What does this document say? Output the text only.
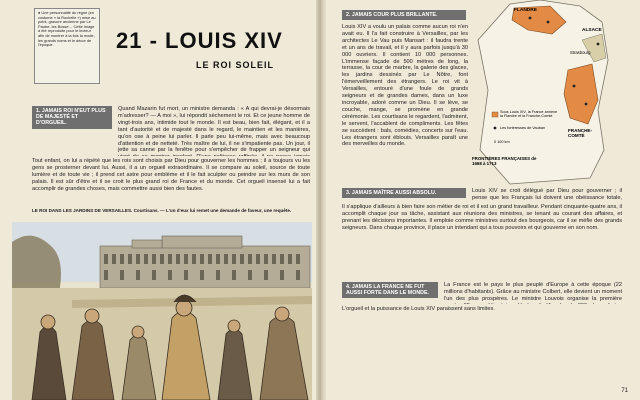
● Une personnalité du règne (en costume « la Rochelle ») mise au point, gravure ancienne par Le Pautre, les Bosse… Cette image a été reproduite pour le lecteur afin de montrer à la fois la mode, les grands noms et le décor de l'époque.	21 - LOUIS XIV
LE ROI SOLEIL
1. JAMAIS ROI N'EUT PLUS DE MAJESTÉ ET D'ORGUEIL.

Quand Mazarin fut mort, un ministre demanda : « A qui devrai-je désormais m'adresser? — A moi », lui répondit sèchement le roi. Et ce jeune homme de vingt-trois ans, intimide tout le monde. Il est beau, bien fait, élégant, et il a tant d'autorité et de majesté dans le regard, le maintien et les manières, qu'on ose à peine lui parler. Il parle peu lui-même, mais avec beaucoup d'attention et de netteté. Très maître de lui, il ne s'impatiente pas. Un jour, il jette sa canne par la fenêtre pour s'empêcher de frapper un seigneur qui

Tout enfant, on lui a répété que les rois sont choisis par Dieu pour gouverner les hommes ; il a toujours vu les gens se prosterner devant lui. Aussi, il a un orgueil extraordinaire. Il se compare au soleil, source de toute lumière et de toute vie ; il prend cet astre pour emblème et il le fait sculpter ou peindre sur les murs de son palais. Il est sûr d'être et il se croit le plus grand roi de France et du monde. Cet orgueil insensé lui a fait accomplir de grandes choses, mais commettre aussi bien des fautes.

LE ROI DANS LES JARDINS DE VERSAILLES. Courtisans. — L'un d'eux lui remet une demande de faveur, une requête.

2. JAMAIS COUR PLUS BRILLANTE.

Louis XIV a voulu un palais comme aucun roi n'en avait eu. Il l'a fait construire à Versailles, par les architectes Le Vau puis Mansart : il faudra trente et un ans de travail, et il y aura parfois jusqu'à 30 000 ouvriers. Il contient 10 000 personnes. L'immense façade de 500 mètres de long, la terrasse, la cour de marbre, la galerie des glaces, les jardins dessinés par Le Nôtre, font l'émerveillement des étrangers. Le roi vit à Versailles, entouré d'une foule de grands seigneurs et de grandes dames, dans un luxe incroyable, adoré comme un Dieu. Il se lève, se couche, mange, se promène en grande cérémonie. Les courtisans le regardent, l'admirent, le servent, l'accablent de compliments. Les fêtes se succèdent : bals, comédies, concerts sur l'eau. Les étrangers sont éblouis. Versailles paraît une des merveilles du monde.

3. JAMAIS MAÎTRE AUSSI ABSOLU.	Louis XIV se croit délégué par Dieu pour gouverner ; il pense que les Français lui doivent une obéissance totale,

Il s'applique d'ailleurs à bien faire son métier de roi et il est un grand travailleur. Pendant cinquante-quatre ans, il accomplit chaque jour sa tâche, assistant aux réunions des ministres, se tenant au courant des affaires, et prenant les décisions importantes. Il emploie comme ministres surtout des bourgeois, car il se méfie des grands seigneurs. Dans chaque province, il place un intendant qui a tous pouvoirs et qui gouverne en son nom.

4. JAMAIS LA FRANCE NE FUT AUSSI FORTE DANS LE MONDE.

La France est le pays le plus peuplé d'Europe à cette époque (22 millions d'habitants). Grâce au ministre Colbert, elle devient un moment l'un des plus prospères. Le ministre Louvois organise la première

L'orgueil et la puissance de Louis XIV paraissent sans limites.

71
FLANDRE
ALSACE
Strasbourg
FRANCHE-COMTÉ
Sous Louis XIV, la France annexe la Flandre et la Franche-Comté
Les forteresses de Vauban
0 100 km
FRONTIÈRES FRANÇAISES de 1668 à 1713
